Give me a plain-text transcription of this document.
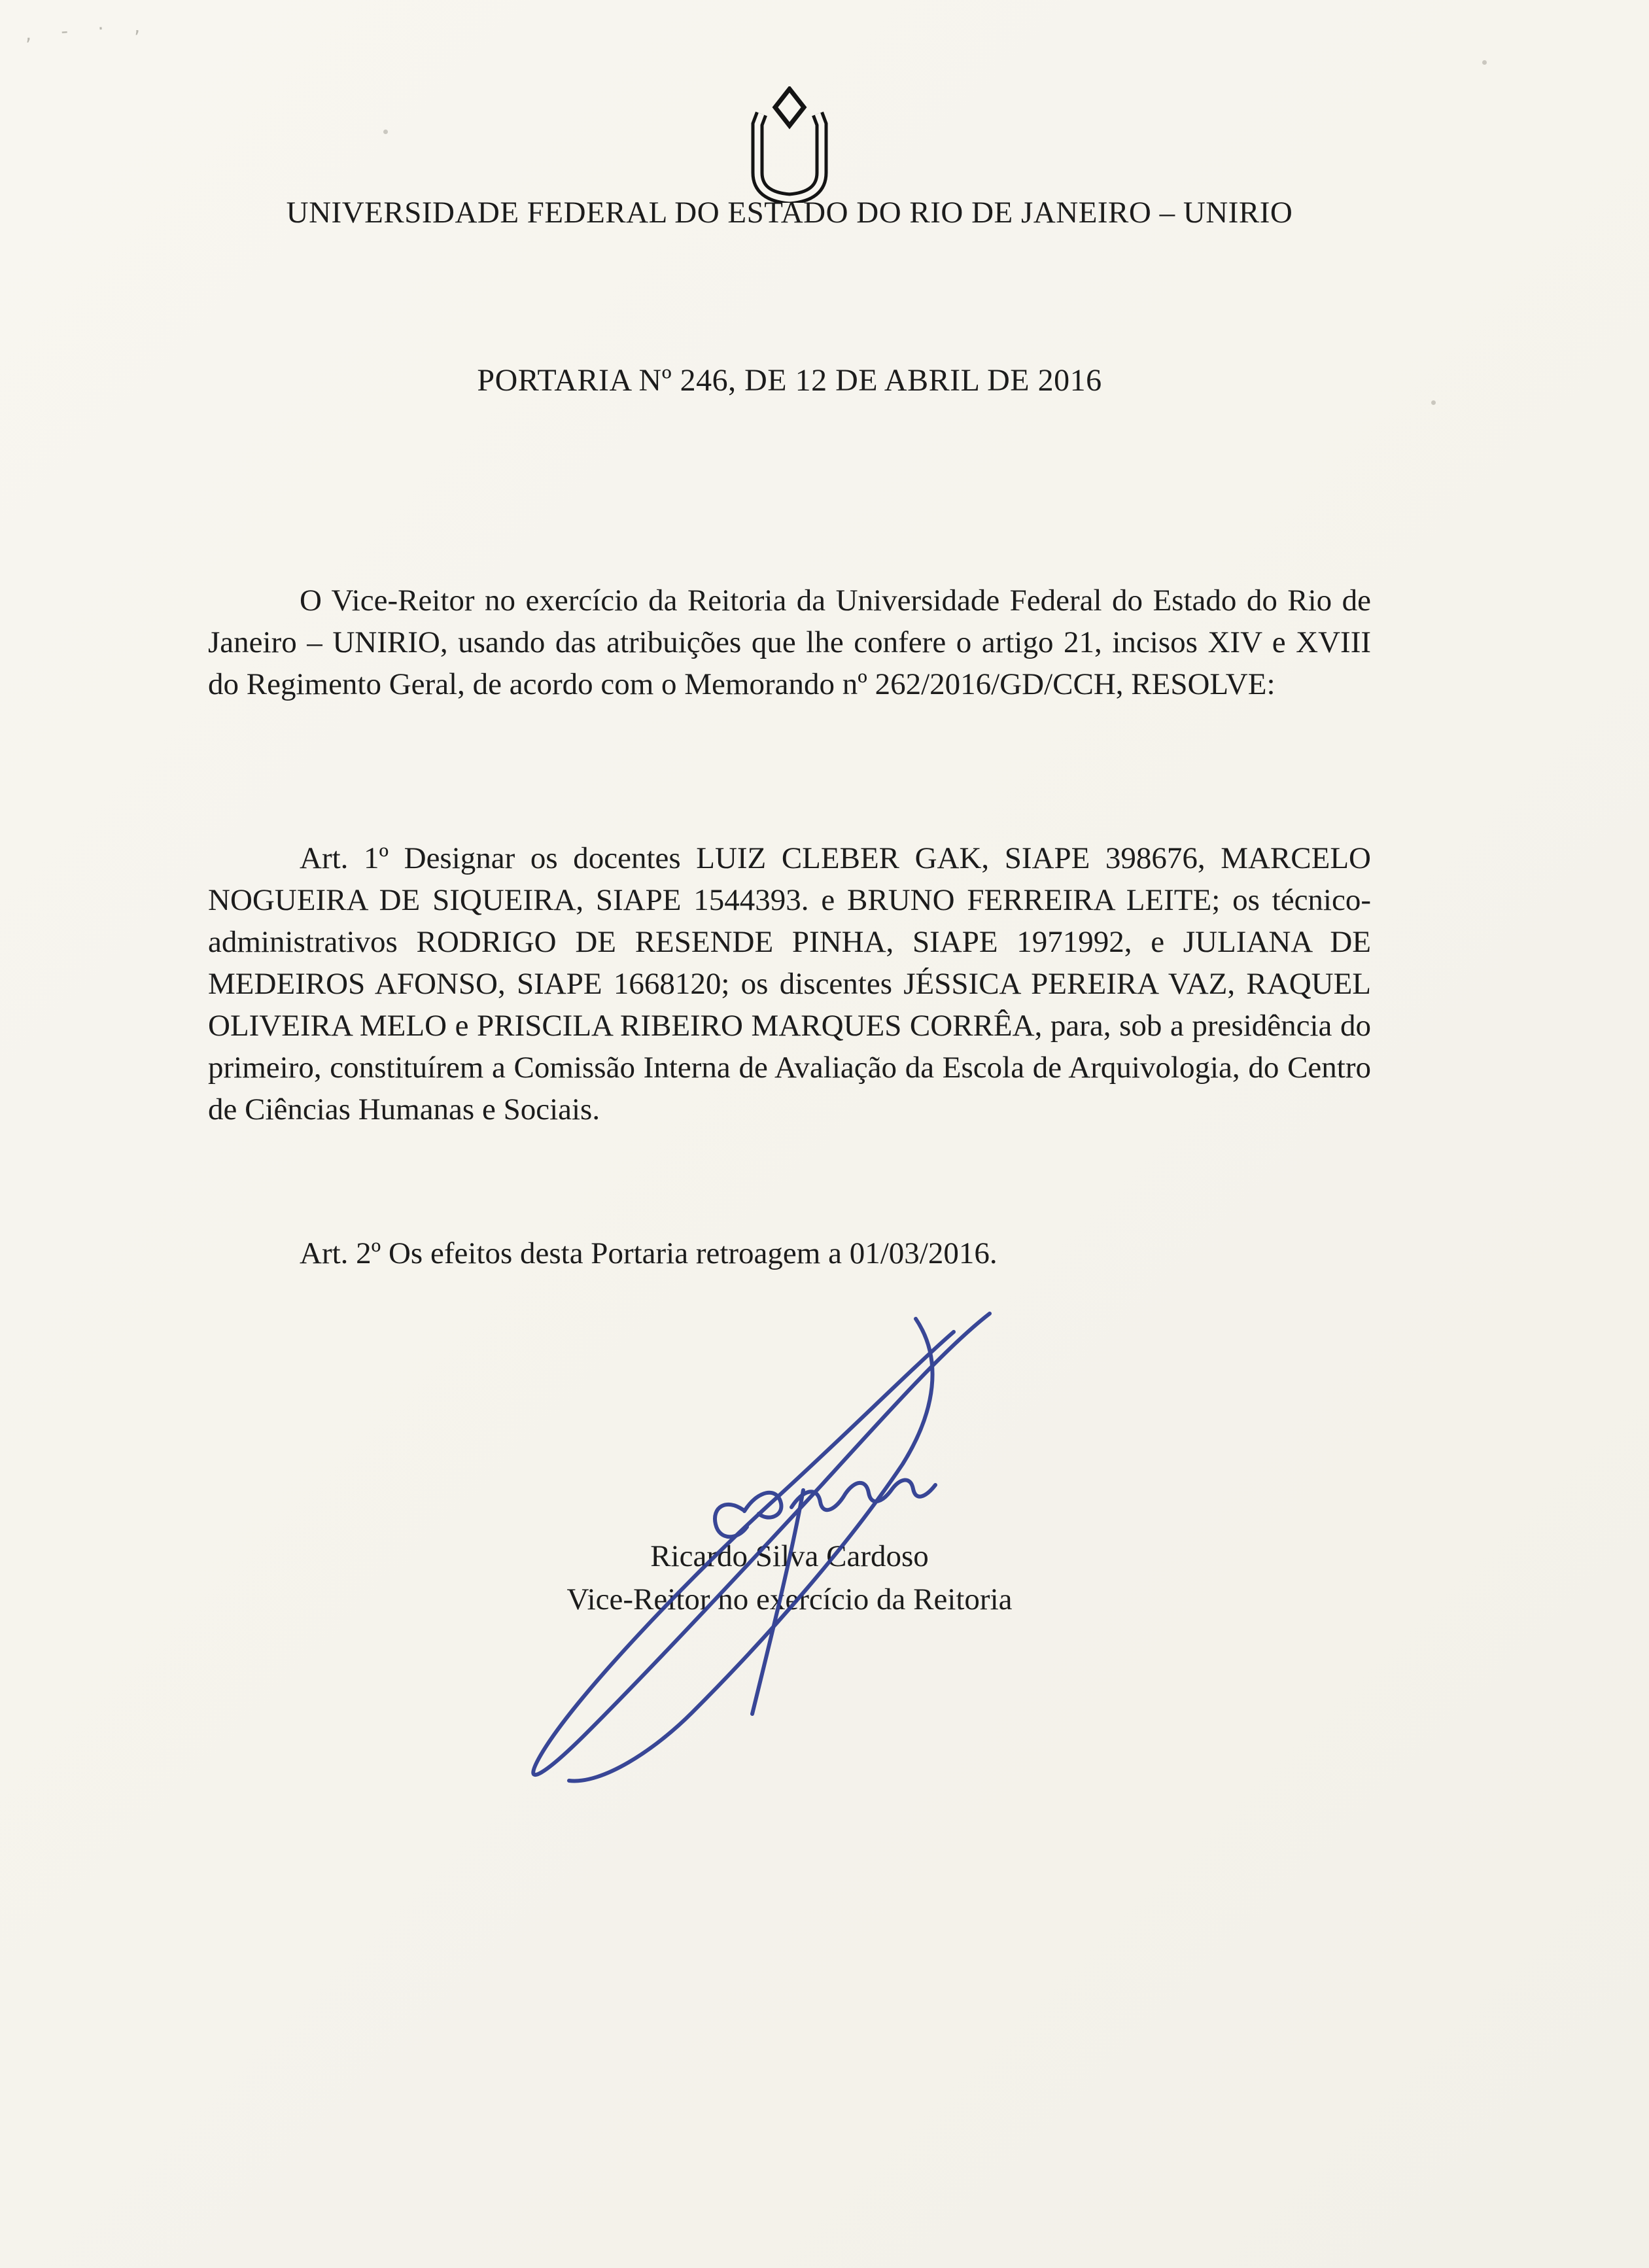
, - · ,
UNIVERSIDADE FEDERAL DO ESTADO DO RIO DE JANEIRO – UNIRIO
PORTARIA Nº 246, DE 12 DE ABRIL DE 2016

O Vice-Reitor no exercício da Reitoria da Universidade Federal do Estado do Rio de Janeiro – UNIRIO, usando das atribuições que lhe confere o artigo 21, incisos XIV e XVIII do Regimento Geral, de acordo com o Memorando nº 262/2016/GD/CCH, RESOLVE:

Art. 1º Designar os docentes LUIZ CLEBER GAK, SIAPE 398676, MARCELO NOGUEIRA DE SIQUEIRA, SIAPE 1544393. e BRUNO FERREIRA LEITE; os técnico-administrativos RODRIGO DE RESENDE PINHA, SIAPE 1971992, e JULIANA DE MEDEIROS AFONSO, SIAPE 1668120; os discentes JÉSSICA PEREIRA VAZ, RAQUEL OLIVEIRA MELO e PRISCILA RIBEIRO MARQUES CORRÊA, para, sob a presidência do primeiro, constituírem a Comissão Interna de Avaliação da Escola de Arquivologia, do Centro de Ciências Humanas e Sociais.

Art. 2º Os efeitos desta Portaria retroagem a 01/03/2016.

Ricardo Silva Cardoso

Vice-Reitor no exercício da Reitoria
